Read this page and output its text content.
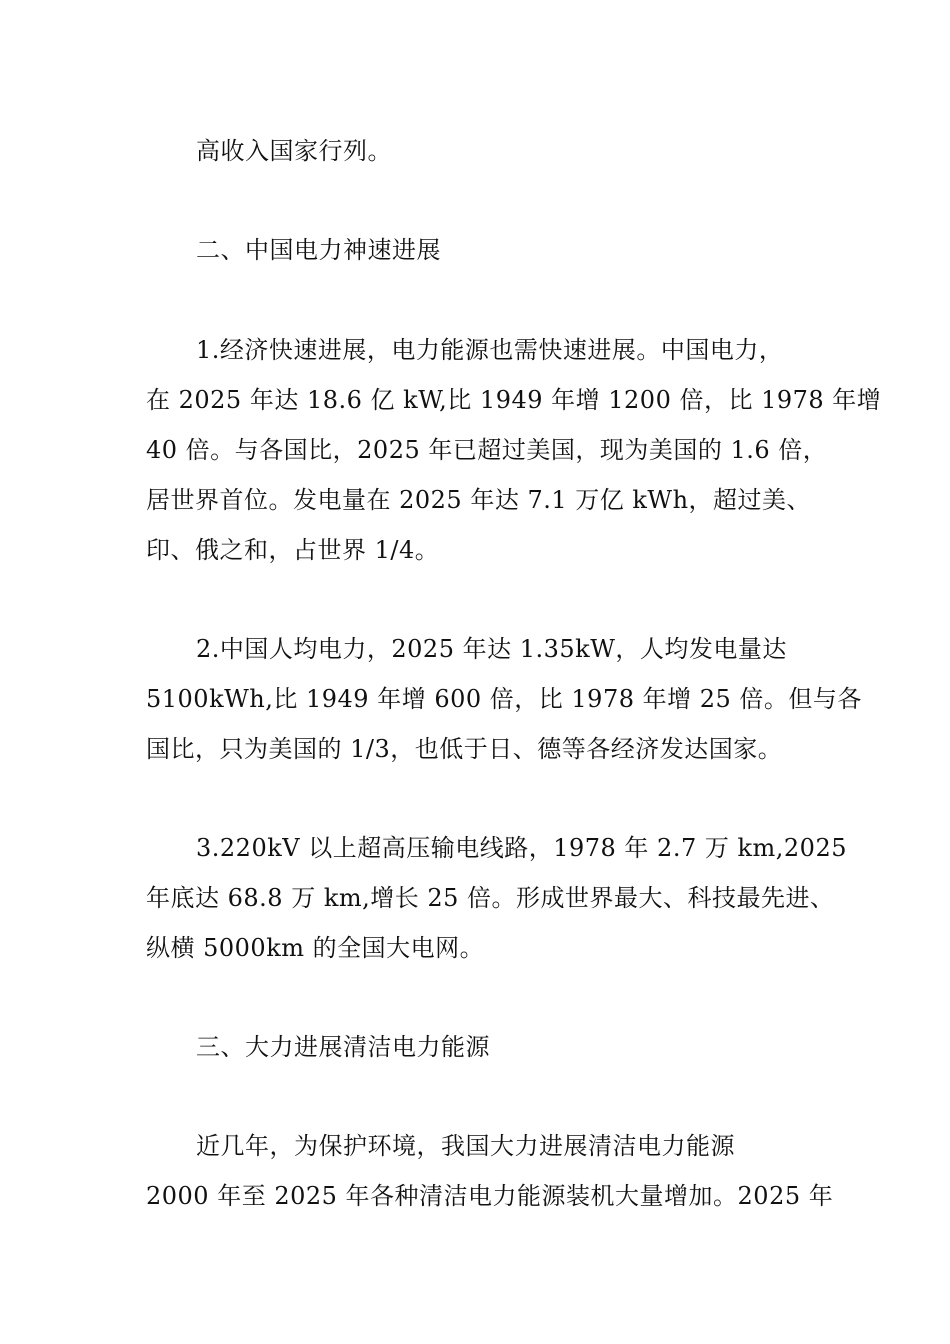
高收入国家行列。
二、中国电力神速进展
1.经济快速进展，电力能源也需快速进展。中国电力，
在 2025 年达 18.6 亿 kW,比 1949 年增 1200 倍，比 1978 年增
40 倍。与各国比，2025 年已超过美国，现为美国的 1.6 倍，
居世界首位。发电量在 2025 年达 7.1 万亿 kWh，超过美、
印、俄之和，占世界 1/4。
2.中国人均电力，2025 年达 1.35kW，人均发电量达
5100kWh,比 1949 年增 600 倍，比 1978 年增 25 倍。但与各
国比，只为美国的 1/3，也低于日、德等各经济发达国家。
3.220kV 以上超高压输电线路，1978 年 2.7 万 km,2025
年底达 68.8 万 km,增长 25 倍。形成世界最大、科技最先进、
纵横 5000km 的全国大电网。
三、大力进展清洁电力能源
近几年，为保护环境，我国大力进展清洁电力能源
2000 年至 2025 年各种清洁电力能源装机大量增加。2025 年
